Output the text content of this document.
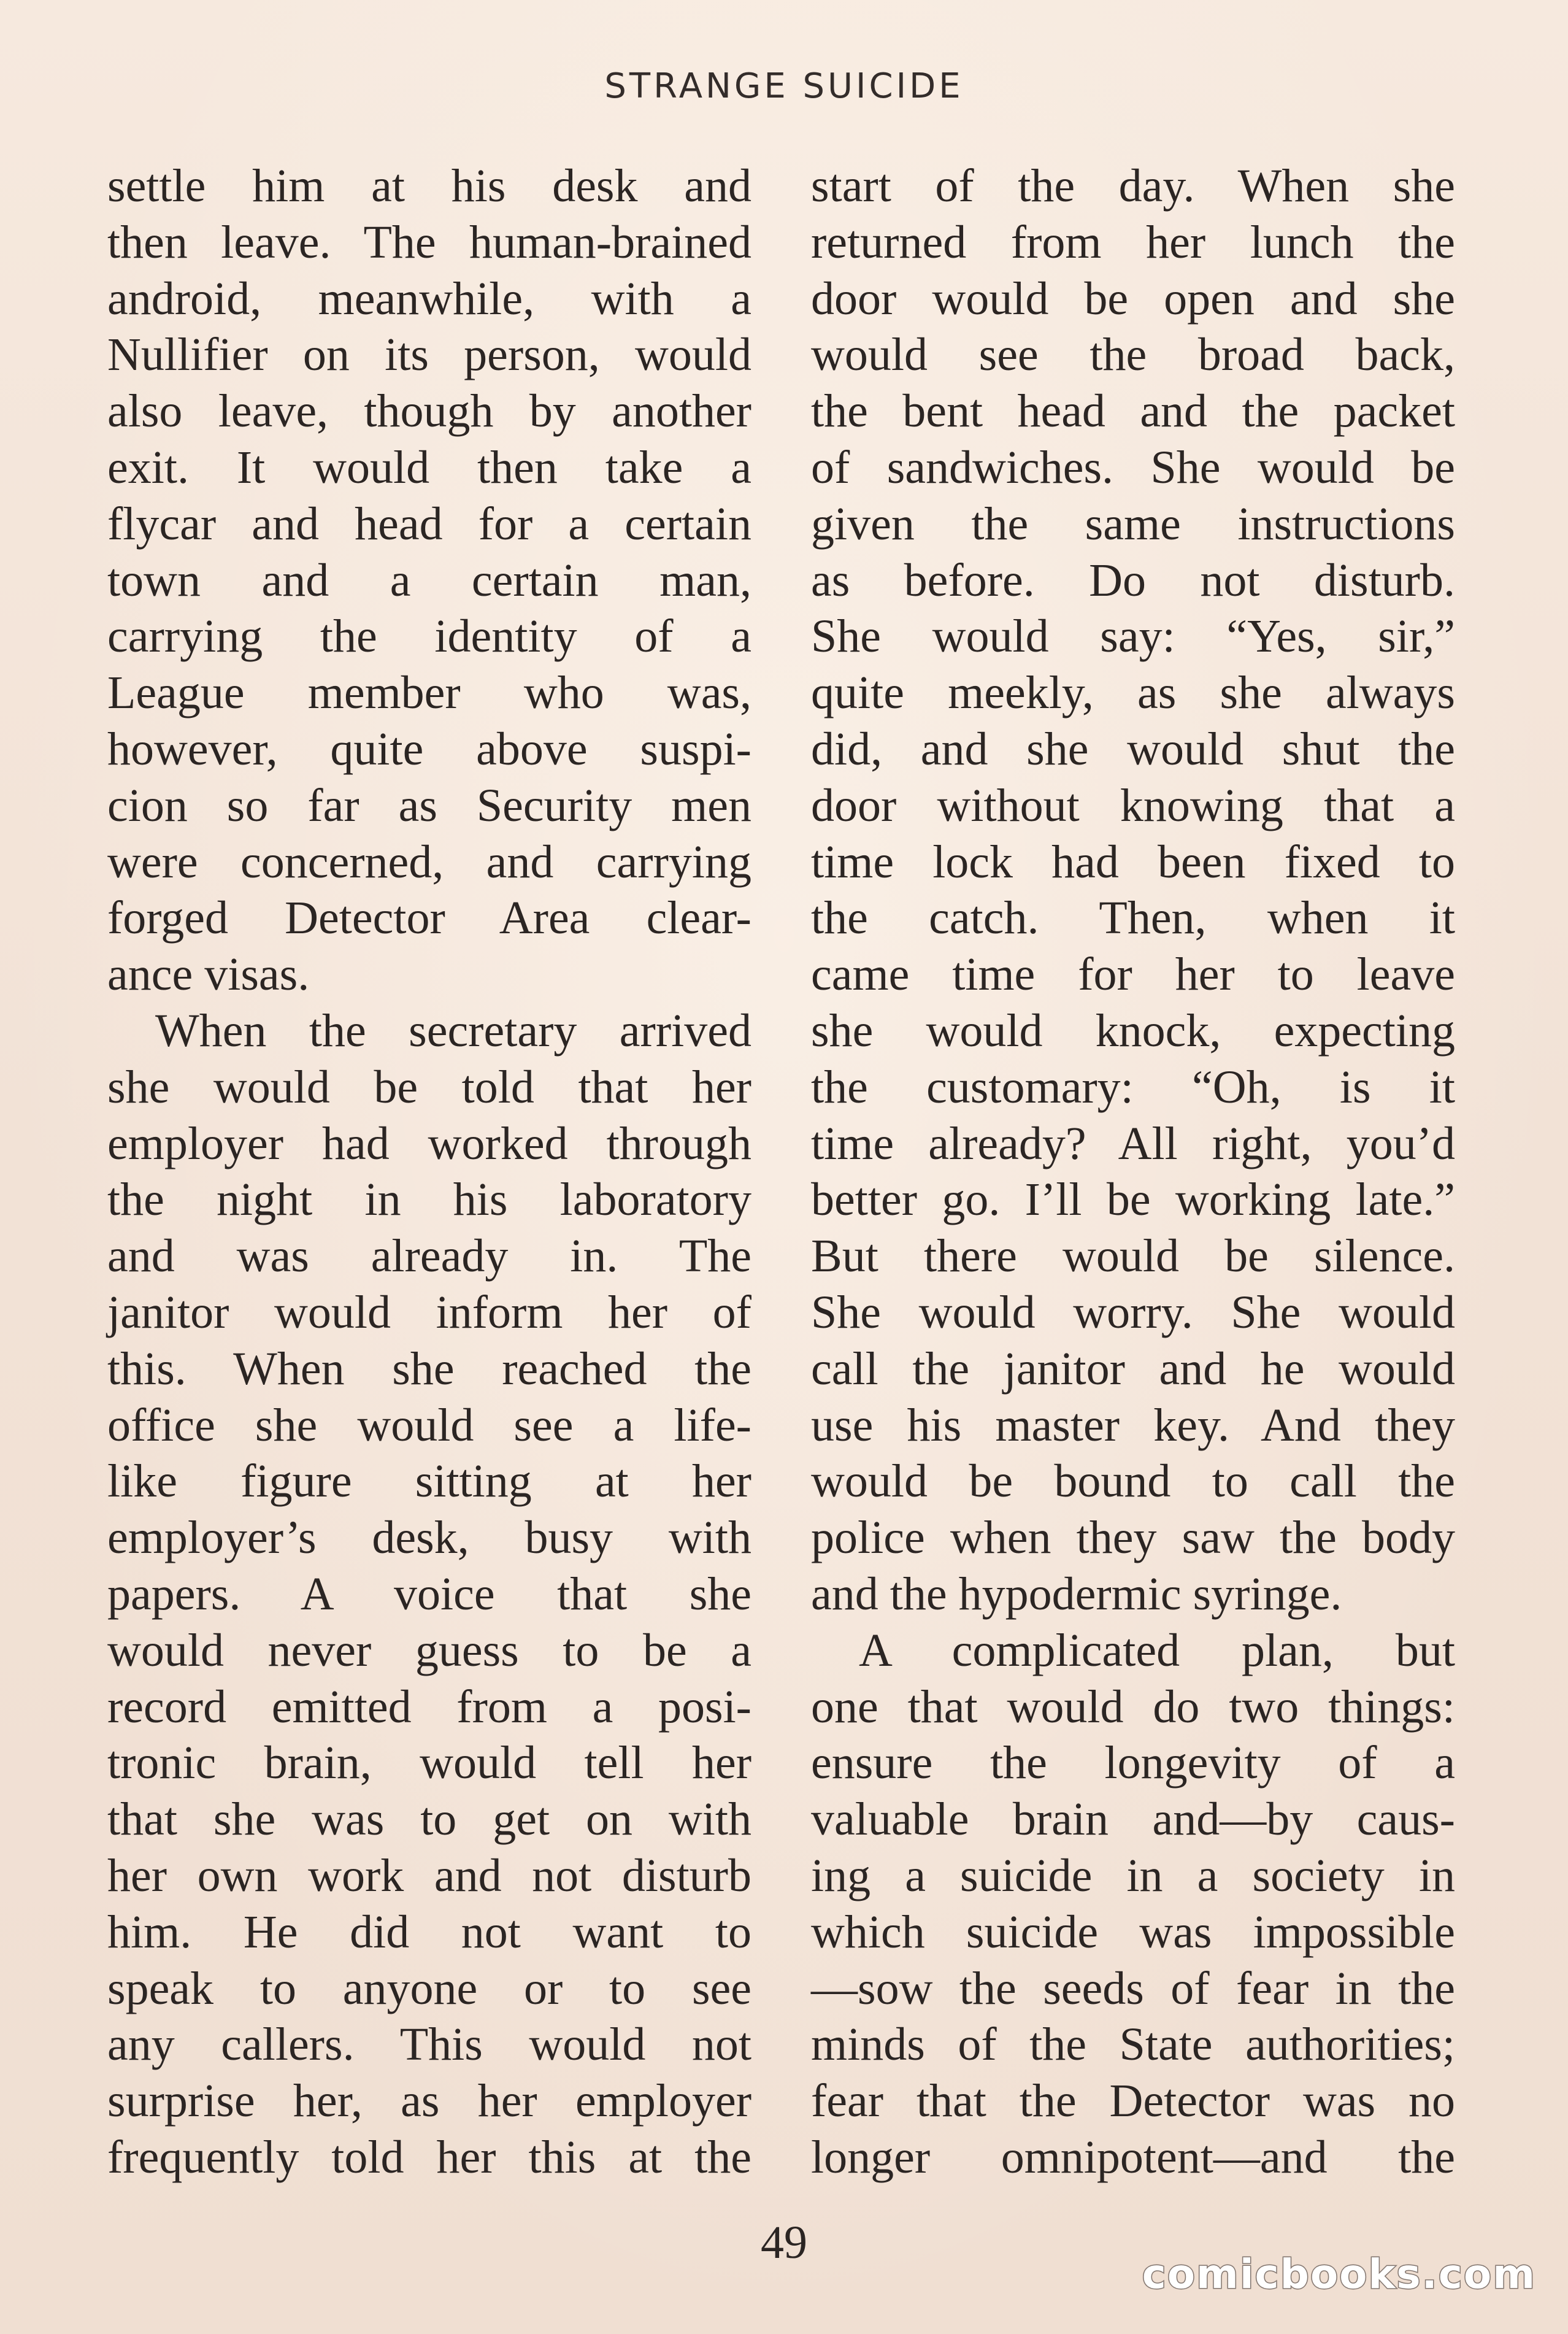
STRANGE SUICIDE
settle him at his desk and
then leave. The human-brained
android, meanwhile, with a
Nullifier on its person, would
also leave, though by another
exit. It would then take a
flycar and head for a certain
town and a certain man,
carrying the identity of a
League member who was,
however, quite above suspi-
cion so far as Security men
were concerned, and carrying
forged Detector Area clear-
ance visas.
When the secretary arrived
she would be told that her
employer had worked through
the night in his laboratory
and was already in. The
janitor would inform her of
this. When she reached the
office she would see a life-
like figure sitting at her
employer’s desk, busy with
papers. A voice that she
would never guess to be a
record emitted from a posi-
tronic brain, would tell her
that she was to get on with
her own work and not disturb
him. He did not want to
speak to anyone or to see
any callers. This would not
surprise her, as her employer
frequently told her this at the
start of the day. When she
returned from her lunch the
door would be open and she
would see the broad back,
the bent head and the packet
of sandwiches. She would be
given the same instructions
as before. Do not disturb.
She would say: “Yes, sir,”
quite meekly, as she always
did, and she would shut the
door without knowing that a
time lock had been fixed to
the catch. Then, when it
came time for her to leave
she would knock, expecting
the customary: “Oh, is it
time already? All right, you’d
better go. I’ll be working late.”
But there would be silence.
She would worry. She would
call the janitor and he would
use his master key. And they
would be bound to call the
police when they saw the body
and the hypodermic syringe.
A complicated plan, but
one that would do two things:
ensure the longevity of a
valuable brain and—by caus-
ing a suicide in a society in
which suicide was impossible
—sow the seeds of fear in the
minds of the State authorities;
fear that the Detector was no
longer omnipotent—and the
49
comicbooks.com
